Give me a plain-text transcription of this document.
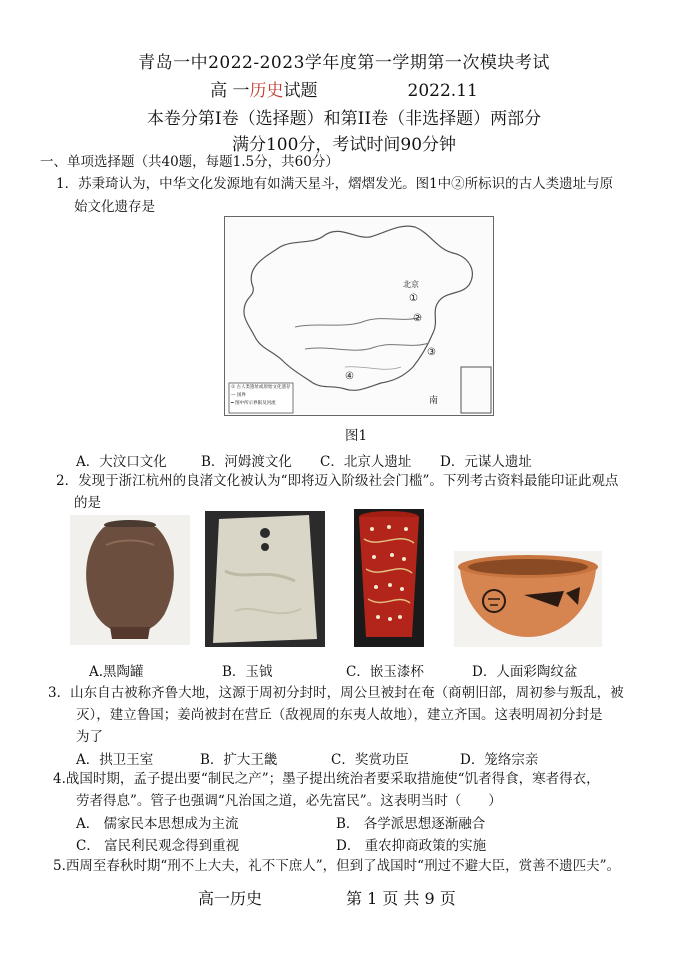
青岛一中2022-2023学年度第一学期第一次模块考试
高 一历史试题	2022.11
本卷分第Ⅰ卷（选择题）和第II卷（非选择题）两部分
满分100分，考试时间90分钟
一、单项选择题（共40题，每题1.5分，共60分）
1．苏秉琦认为，中华文化发源地有如满天星斗，熠熠发光。图1中②所标识的古人类遗址与原
始文化遗存是
北京
①
②
③
④
南
① 古人类遗址或原始文化遗存
— 国界
━ 图中所示界限及河流
图1
A．大汶口文化	B．河姆渡文化 C．北京人遗址 D．元谋人遗址
2．发现于浙江杭州的良渚文化被认为“即将迈入阶级社会门槛”。下列考古资料最能印证此观点
的是
A.黑陶罐	B．玉钺	C．嵌玉漆杯	D．人面彩陶纹盆
3．山东自古被称齐鲁大地，这源于周初分封时，周公旦被封在奄（商朝旧部，周初参与叛乱，被
灭），建立鲁国；姜尚被封在营丘（敌视周的东夷人故地），建立齐国。这表明周初分封是
为了
A．拱卫王室	B．扩大王畿	C．奖赏功臣	D．笼络宗亲
4.战国时期，孟子提出要“制民之产”；墨子提出统治者要采取措施使“饥者得食，寒者得衣，
劳者得息”。管子也强调“凡治国之道，必先富民”。这表明当时（　　）
A． 儒家民本思想成为主流	B． 各学派思想逐渐融合
C． 富民利民观念得到重视	D． 重农抑商政策的实施
5.西周至春秋时期“刑不上大夫，礼不下庶人”，但到了战国时“刑过不避大臣，赏善不遗匹夫”。
高一历史	第 1 页 共 9 页
